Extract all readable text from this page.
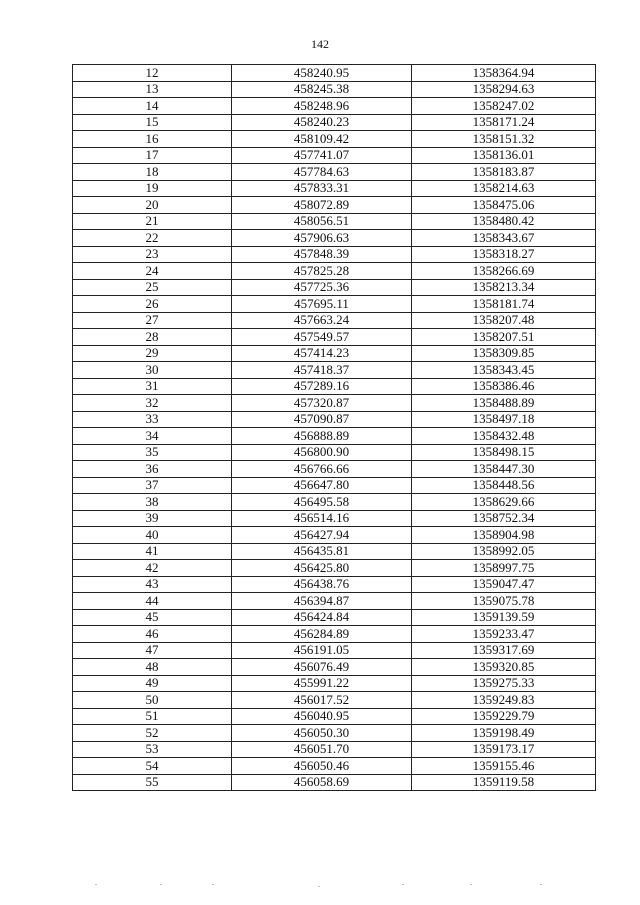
142
12	458240.95	1358364.94
13	458245.38	1358294.63
14	458248.96	1358247.02
15	458240.23	1358171.24
16	458109.42	1358151.32
17	457741.07	1358136.01
18	457784.63	1358183.87
19	457833.31	1358214.63
20	458072.89	1358475.06
21	458056.51	1358480.42
22	457906.63	1358343.67
23	457848.39	1358318.27
24	457825.28	1358266.69
25	457725.36	1358213.34
26	457695.11	1358181.74
27	457663.24	1358207.48
28	457549.57	1358207.51
29	457414.23	1358309.85
30	457418.37	1358343.45
31	457289.16	1358386.46
32	457320.87	1358488.89
33	457090.87	1358497.18
34	456888.89	1358432.48
35	456800.90	1358498.15
36	456766.66	1358447.30
37	456647.80	1358448.56
38	456495.58	1358629.66
39	456514.16	1358752.34
40	456427.94	1358904.98
41	456435.81	1358992.05
42	456425.80	1358997.75
43	456438.76	1359047.47
44	456394.87	1359075.78
45	456424.84	1359139.59
46	456284.89	1359233.47
47	456191.05	1359317.69
48	456076.49	1359320.85
49	455991.22	1359275.33
50	456017.52	1359249.83
51	456040.95	1359229.79
52	456050.30	1359198.49
53	456051.70	1359173.17
54	456050.46	1359155.46
55	456058.69	1359119.58
